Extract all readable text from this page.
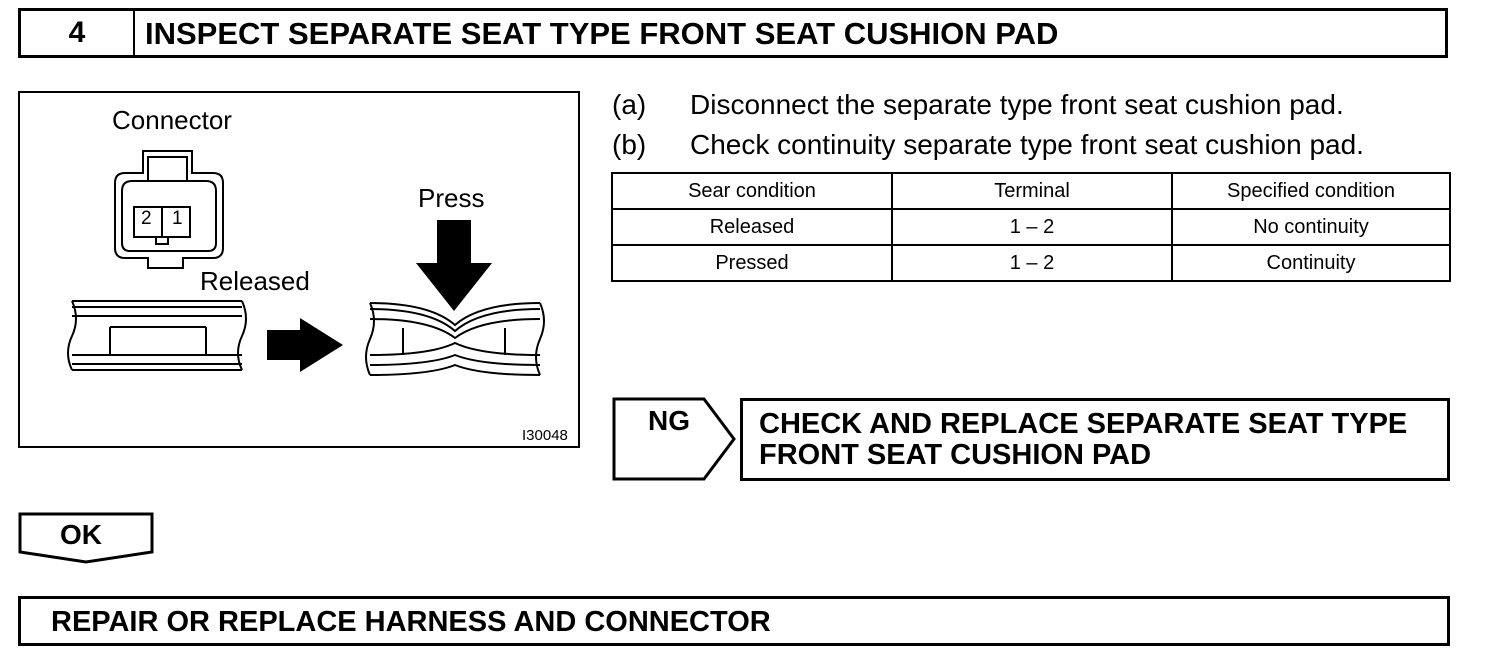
4	INSPECT SEPARATE SEAT TYPE FRONT SEAT CUSHION PAD
Connector
2 1
Press
Released
I30048
(a) Disconnect the separate type front seat cushion pad.
(b) Check continuity separate type front seat cushion pad.
Sear condition	Terminal	Specified condition
Released	1 – 2	No continuity
Pressed	1 – 2	Continuity
NG CHECK AND REPLACE SEPARATE SEAT TYPE
FRONT SEAT CUSHION PAD
OK
REPAIR OR REPLACE HARNESS AND CONNECTOR
